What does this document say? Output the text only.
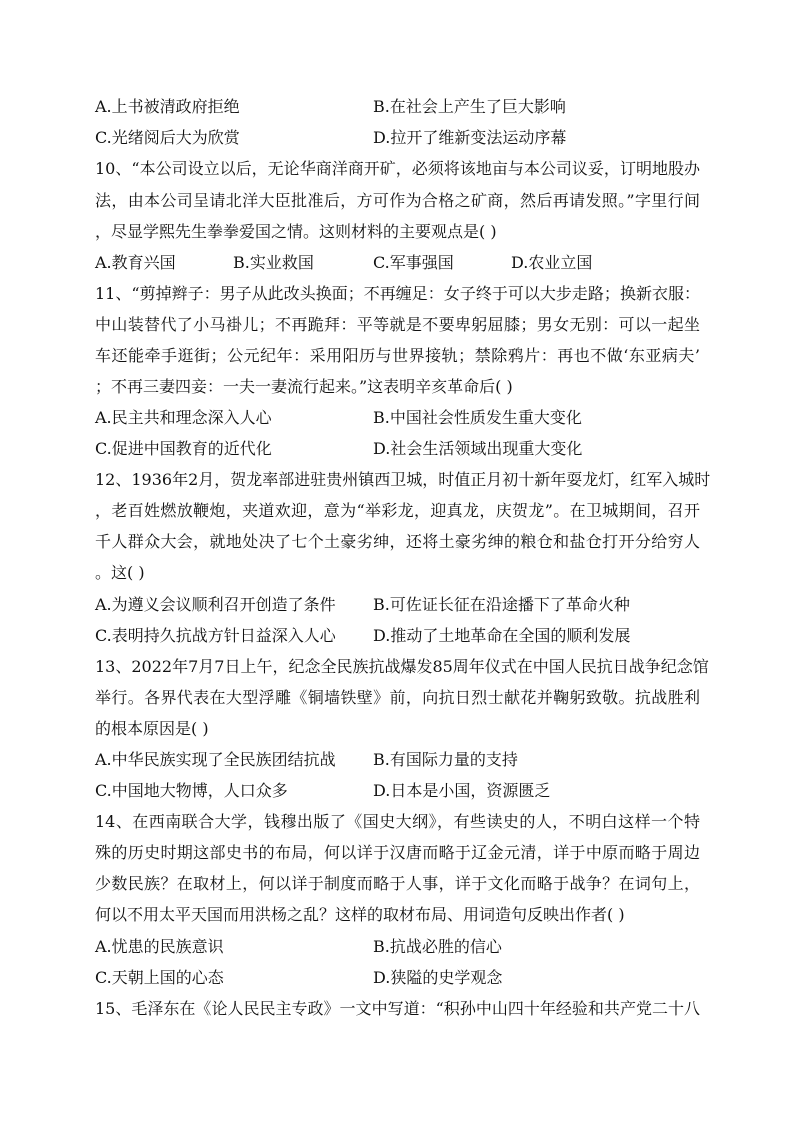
A.上书被清政府拒绝	B.在社会上产生了巨大影响
C.光绪阅后大为欣赏	D.拉开了维新变法运动序幕
10、“本公司设立以后，无论华商洋商开矿，必须将该地亩与本公司议妥，订明地股办
法，由本公司呈请北洋大臣批准后，方可作为合格之矿商，然后再请发照。”字里行间
，尽显学熙先生拳拳爱国之情。这则材料的主要观点是( )
A.教育兴国	B.实业救国	C.军事强国	D.农业立国
11、“剪掉辫子：男子从此改头换面；不再缠足：女子终于可以大步走路；换新衣服：
中山装替代了小马褂儿；不再跪拜：平等就是不要卑躬屈膝；男女无别：可以一起坐
车还能牵手逛街；公元纪年：采用阳历与世界接轨；禁除鸦片：再也不做‘东亚病夫’
；不再三妻四妾：一夫一妻流行起来。”这表明辛亥革命后( )
A.民主共和理念深入人心	B.中国社会性质发生重大变化
C.促进中国教育的近代化	D.社会生活领域出现重大变化
12、1936年2月，贺龙率部进驻贵州镇西卫城，时值正月初十新年耍龙灯，红军入城时
，老百姓燃放鞭炮，夹道欢迎，意为“举彩龙，迎真龙，庆贺龙”。在卫城期间，召开
千人群众大会，就地处决了七个土豪劣绅，还将土豪劣绅的粮仓和盐仓打开分给穷人
。这( )
A.为遵义会议顺利召开创造了条件 B.可佐证长征在沿途播下了革命火种
C.表明持久抗战方针日益深入人心 D.推动了土地革命在全国的顺利发展
13、2022年7月7日上午，纪念全民族抗战爆发85周年仪式在中国人民抗日战争纪念馆
举行。各界代表在大型浮雕《铜墙铁壁》前，向抗日烈士献花并鞠躬致敬。抗战胜利
的根本原因是( )
A.中华民族实现了全民族团结抗战 B.有国际力量的支持
C.中国地大物博，人口众多	D.日本是小国，资源匮乏
14、在西南联合大学，钱穆出版了《国史大纲》，有些读史的人，不明白这样一个特
殊的历史时期这部史书的布局，何以详于汉唐而略于辽金元清，详于中原而略于周边
少数民族？在取材上，何以详于制度而略于人事，详于文化而略于战争？在词句上，
何以不用太平天国而用洪杨之乱？这样的取材布局、用词造句反映出作者( )
A.忧患的民族意识	B.抗战必胜的信心
C.天朝上国的心态	D.狭隘的史学观念
15、毛泽东在《论人民民主专政》一文中写道：“积孙中山四十年经验和共产党二十八
